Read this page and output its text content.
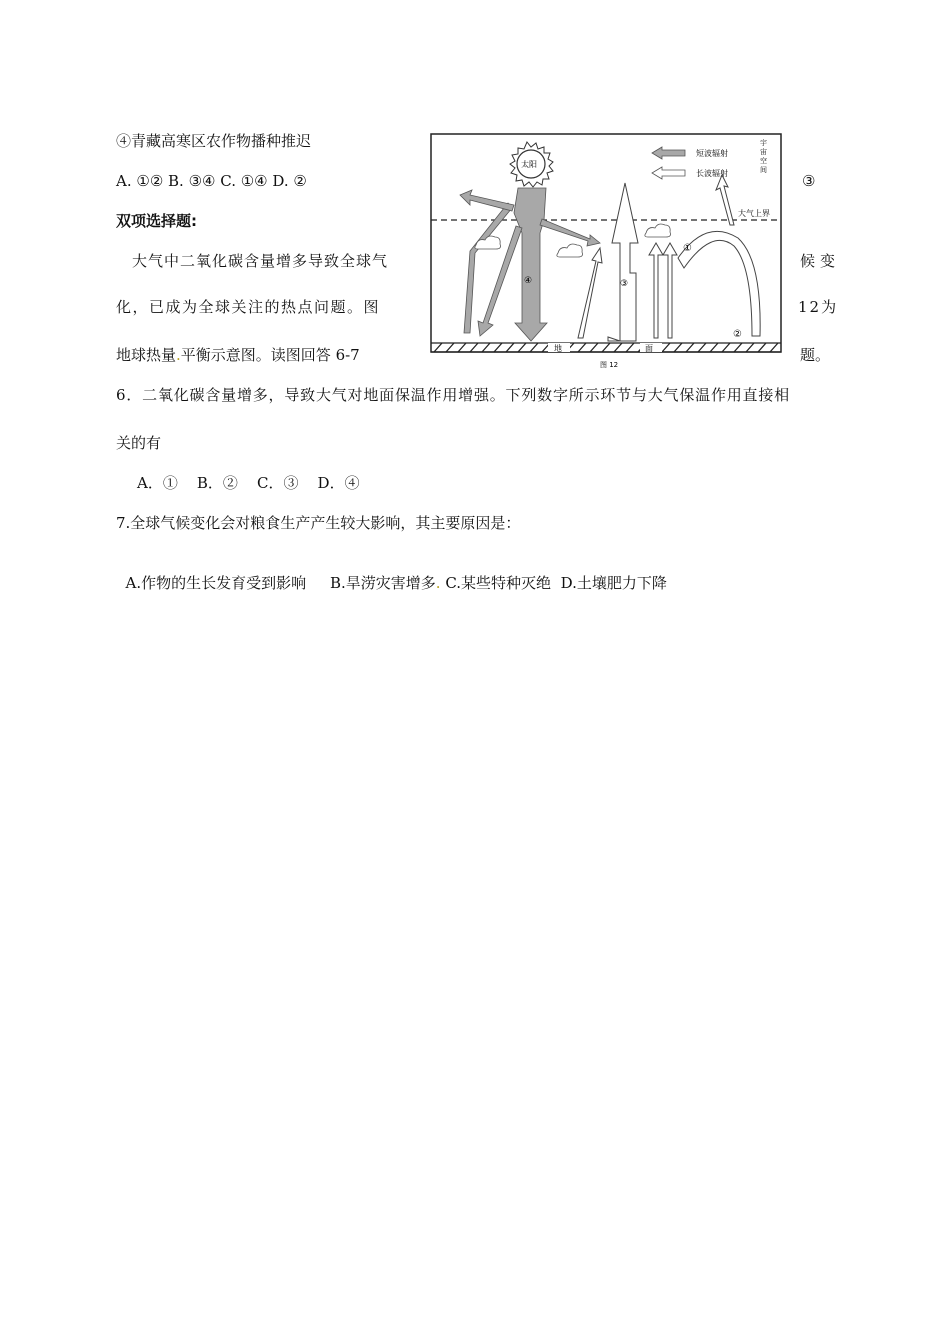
④青藏高寒区农作物播种推迟
A. ①② B. ③④ C. ①④ D. ②	③
双项选择题:
大气中二氧化碳含量增多导致全球气	候变
化，已成为全球关注的热点问题。图	12为
地球热量.平衡示意图。读图回答 6-7	题。
地	面
太阳
④
①
②
③
短波辐射
长波辐射
大气上界
图 12
宇宙空间
6．二氧化碳含量增多，导致大气对地面保温作用增强。下列数字所示环节与大气保温作用直接相
关的有
A．①    B．②    C．③    D．④
7.全球气候变化会对粮食生产产生较大影响，其主要原因是：

A.作物的生长发育受到影响     B.旱涝灾害增多. C.某些特种灭绝  D.土壤肥力下降
